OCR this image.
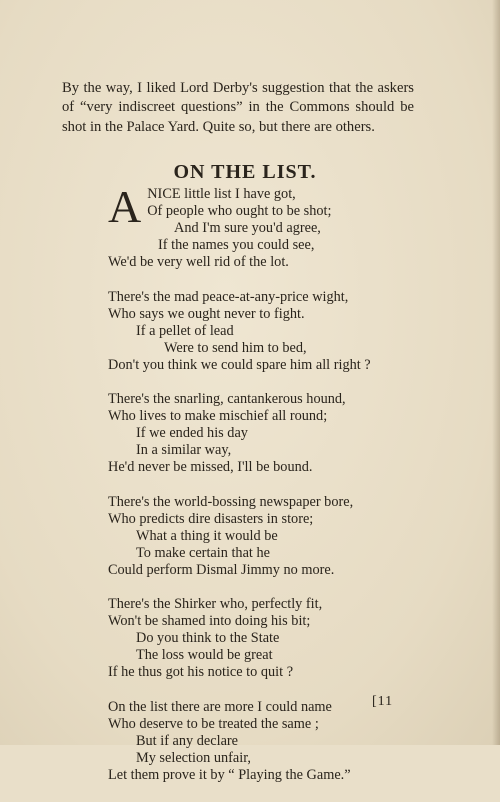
By the way, I liked Lord Derby's suggestion that the askers of “very indiscreet questions” in the Commons should be shot in the Palace Yard. Quite so, but there are others.

ON THE LIST.
A NICE little list I have got,
Of people who ought to be shot;
And I'm sure you'd agree,
If the names you could see,
We'd be very well rid of the lot.
There's the mad peace-at-any-price wight,
Who says we ought never to fight.
If a pellet of lead
Were to send him to bed,
Don't you think we could spare him all right ?
There's the snarling, cantankerous hound,
Who lives to make mischief all round;
If we ended his day
In a similar way,
He'd never be missed, I'll be bound.
There's the world-bossing newspaper bore,
Who predicts dire disasters in store;
What a thing it would be
To make certain that he
Could perform Dismal Jimmy no more.
There's the Shirker who, perfectly fit,
Won't be shamed into doing his bit;
Do you think to the State
The loss would be great
If he thus got his notice to quit ?
On the list there are more I could name
Who deserve to be treated the same ;
But if any declare
My selection unfair,
Let them prove it by “ Playing the Game.”
[11
